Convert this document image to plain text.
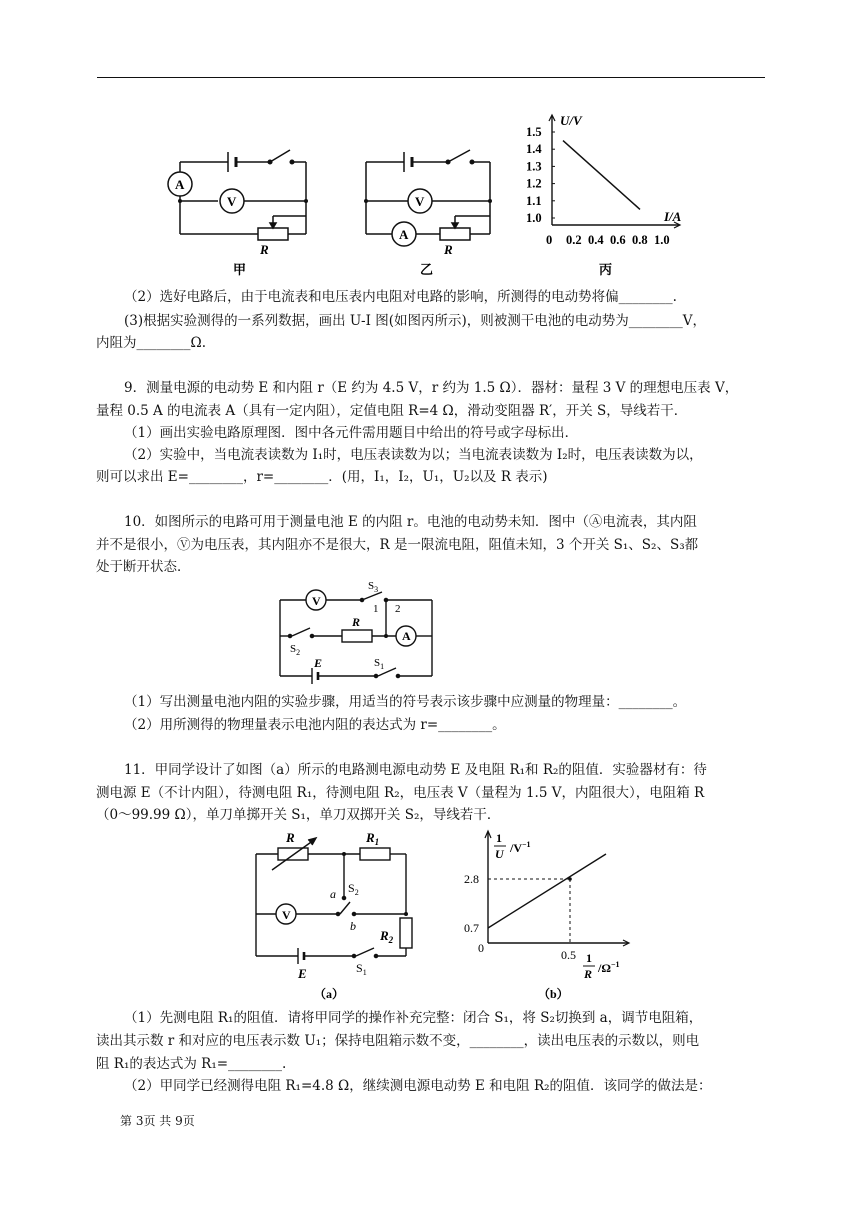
A
V
R
甲
V
A
R
乙
U/V
I/A
1.5
1.4
1.3
1.2
1.1
1.0
0 0.2 0.4 0.6 0.8 1.0
丙
（2）选好电路后，由于电流表和电压表内电阻对电路的影响，所测得的电动势将偏________.
(3)根据实验测得的一系列数据，画出 U-I 图(如图丙所示)，则被测干电池的电动势为________V，
内阻为________Ω.
9．测量电源的电动势 E 和内阻 r（E 约为 4.5 V，r 约为 1.5 Ω）．器材：量程 3 V 的理想电压表 V，
量程 0.5 A 的电流表 A（具有一定内阻），定值电阻 R=4 Ω，滑动变阻器 R′，开关 S，导线若干．
（1）画出实验电路原理图．图中各元件需用题目中给出的符号或字母标出．
（2）实验中，当电流表读数为 I₁时，电压表读数为以；当电流表读数为 I₂时，电压表读数为以，
则可以求出 E=________，r=________．(用，I₁，I₂，U₁，U₂以及 R 表示)
10．如图所示的电路可用于测量电池 E 的内阻 r。电池的电动势未知．图中（Ⓐ电流表，其内阻
并不是很小，Ⓥ为电压表，其内阻亦不是很大，R 是一限流电阻，阻值未知，3 个开关 S₁、S₂、S₃都
处于断开状态．
V
$S_3$
1 2
R
A
$S_2$
E	$S_1$
（1）写出测量电池内阻的实验步骤，用适当的符号表示该步骤中应测量的物理量：________。
（2）用所测得的物理量表示电池内阻的表达式为 r=________。
11．甲同学设计了如图（a）所示的电路测电源电动势 E 及电阻 R₁和 R₂的阻值．实验器材有：待
测电源 E（不计内阻），待测电阻 R₁，待测电阻 R₂，电压表 V（量程为 1.5 V，内阻很大），电阻箱 R
（0～99.99 Ω），单刀单掷开关 S₁，单刀双掷开关 S₂，导线若干．
R	$R_1$
$S_2$
a
b
V
$R_2$
E	$S_1$
（a）
1
U $/V^{-1}$
1
R $/\Omega^{-1}$
0
0.7
2.8
0.5
（b）
（1）先测电阻 R₁的阻值．请将甲同学的操作补充完整：闭合 S₁，将 S₂切换到 a，调节电阻箱，
读出其示数 r 和对应的电压表示数 U₁；保持电阻箱示数不变，________，读出电压表的示数以，则电
阻 R₁的表达式为 R₁=________.
（2）甲同学已经测得电阻 R₁=4.8 Ω，继续测电源电动势 E 和电阻 R₂的阻值．该同学的做法是：
第 3页 共 9页
